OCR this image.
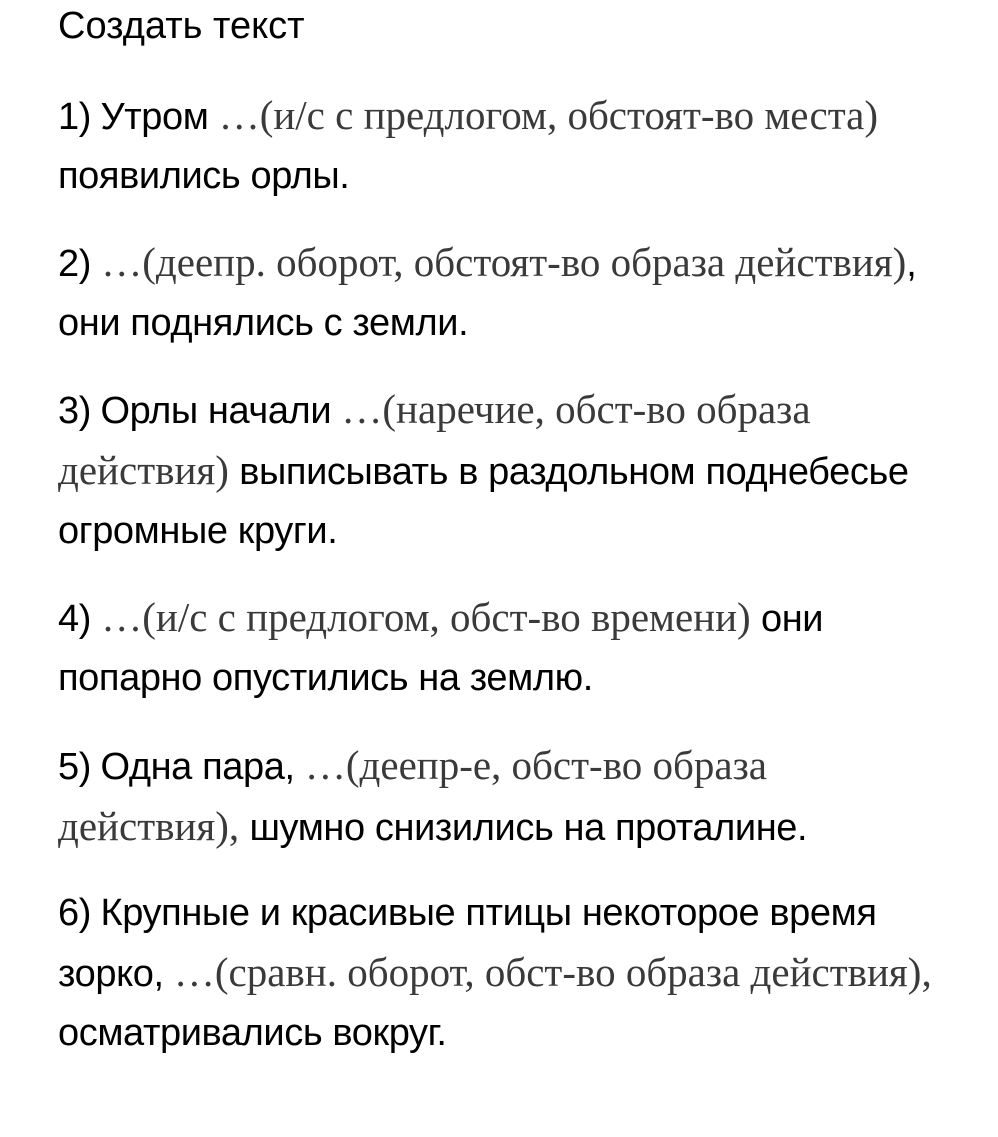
Создать текст

1) Утром …(и/с с предлогом, обстоят-во места) появились орлы.

2) …(деепр. оборот, обстоят-во образа действия), они поднялись с земли.

3) Орлы начали …(наречие, обст-во образа действия) выписывать в раздольном поднебесье огромные круги.

4) …(и/с с предлогом, обст-во времени) они попарно опустились на землю.

5) Одна пара, …(деепр-е, обст-во образа действия), шумно снизились на проталине.

6) Крупные и красивые птицы некоторое время зорко, …(сравн. оборот, обст-во образа действия), осматривались вокруг.
